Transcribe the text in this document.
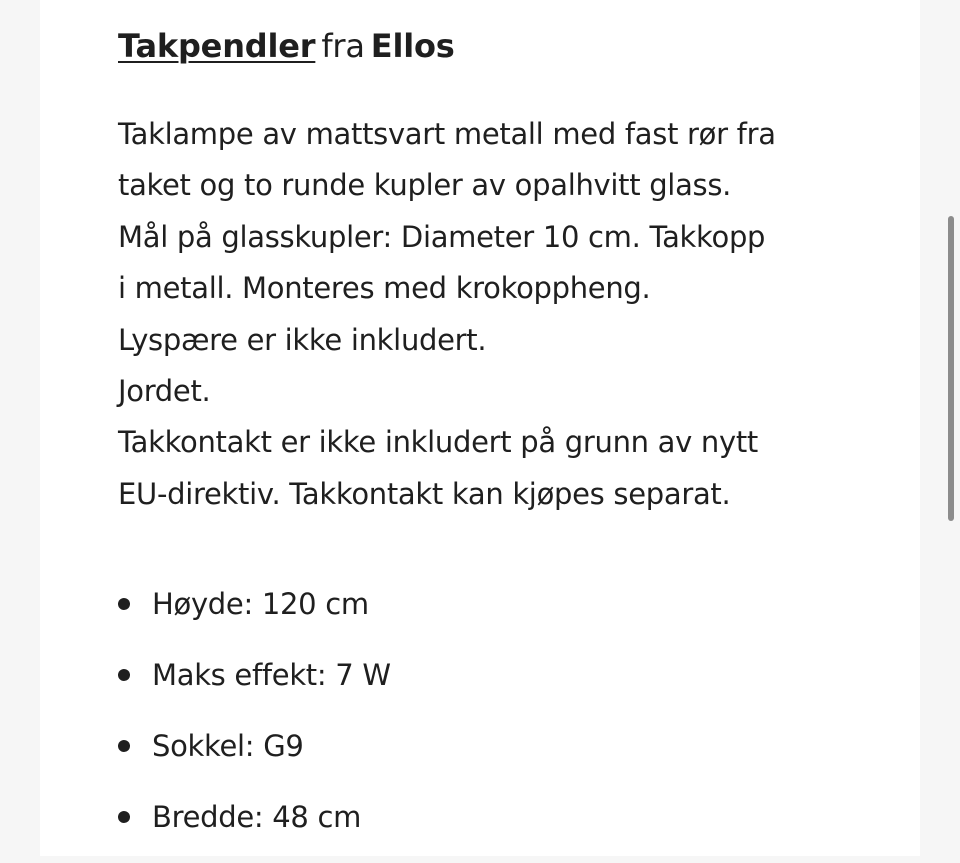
Takpendler fra Ellos

Taklampe av mattsvart metall med fast rør fra
taket og to runde kupler av opalhvitt glass.
Mål på glasskupler: Diameter 10 cm. Takkopp
i metall. Monteres med krokoppheng.
Lyspære er ikke inkludert.
Jordet.
Takkontakt er ikke inkludert på grunn av nytt
EU-direktiv. Takkontakt kan kjøpes separat.

Høyde: 120 cm
Maks effekt: 7 W
Sokkel: G9
Bredde: 48 cm
